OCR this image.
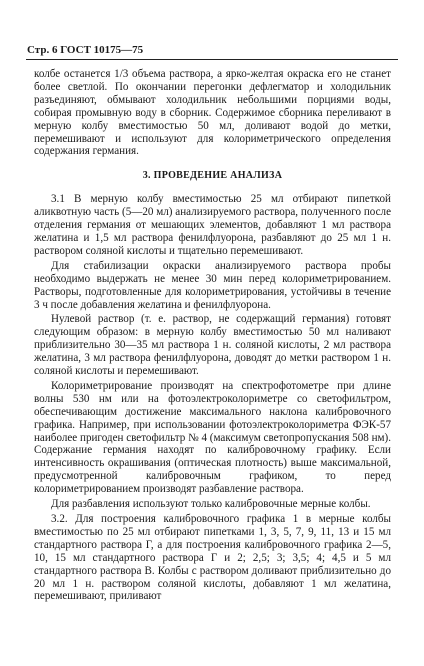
Стр. 6 ГОСТ 10175—75

колбе останется 1/3 объема раствора, а ярко-желтая окраска его не станет более светлой. По окончании перегонки дефлегматор и холодильник разъединяют, обмывают холодильник небольшими порциями воды, собирая промывную воду в сборник. Содержимое сборника переливают в мерную колбу вместимостью 50 мл, доливают водой до метки, перемешивают и используют для колориметрического определения содержания германия.

3. ПРОВЕДЕНИЕ АНАЛИЗА

3.1 В мерную колбу вместимостью 25 мл отбирают пипеткой аликвотную часть (5—20 мл) анализируемого раствора, полученного после отделения германия от мешающих элементов, добавляют 1 мл раствора желатина и 1,5 мл раствора фенилфлуорона, разбавляют до 25 мл 1 н. раствором соляной кислоты и тщательно перемешивают.

Для стабилизации окраски анализируемого раствора пробы необходимо выдержать не менее 30 мин перед колориметрированием. Растворы, подготовленные для колориметрирования, устойчивы в течение 3 ч после добавления желатина и фенилфлуорона.

Нулевой раствор (т. е. раствор, не содержащий германия) готовят следующим образом: в мерную колбу вместимостью 50 мл наливают приблизительно 30—35 мл раствора 1 н. соляной кислоты, 2 мл раствора желатина, 3 мл раствора фенилфлуорона, доводят до метки раствором 1 н. соляной кислоты и перемешивают.

Колориметрирование производят на спектрофотометре при длине волны 530 нм или на фотоэлектроколориметре со светофильтром, обеспечивающим достижение максимального наклона калибровочного графика. Например, при использовании фотоэлектроколориметра ФЭК-57 наиболее пригоден светофильтр № 4 (максимум светопропускания 508 нм). Содержание германия находят по калибровочному графику. Если интенсивность окрашивания (оптическая плотность) выше максимальной, предусмотренной калибровочным графиком, то перед колориметрированием производят разбавление раствора.

Для разбавления используют только калибровочные мерные колбы.

3.2. Для построения калибровочного графика 1 в мерные колбы вместимостью по 25 мл отбирают пипетками 1, 3, 5, 7, 9, 11, 13 и 15 мл стандартного раствора Г, а для построения калибровочного графика 2—5, 10, 15 мл стандартного раствора Г и 2; 2,5; 3; 3,5; 4; 4,5 и 5 мл стандартного раствора В. Колбы с раствором доливают приблизительно до 20 мл 1 н. раствором соляной кислоты, добавляют 1 мл желатина, перемешивают, приливают
